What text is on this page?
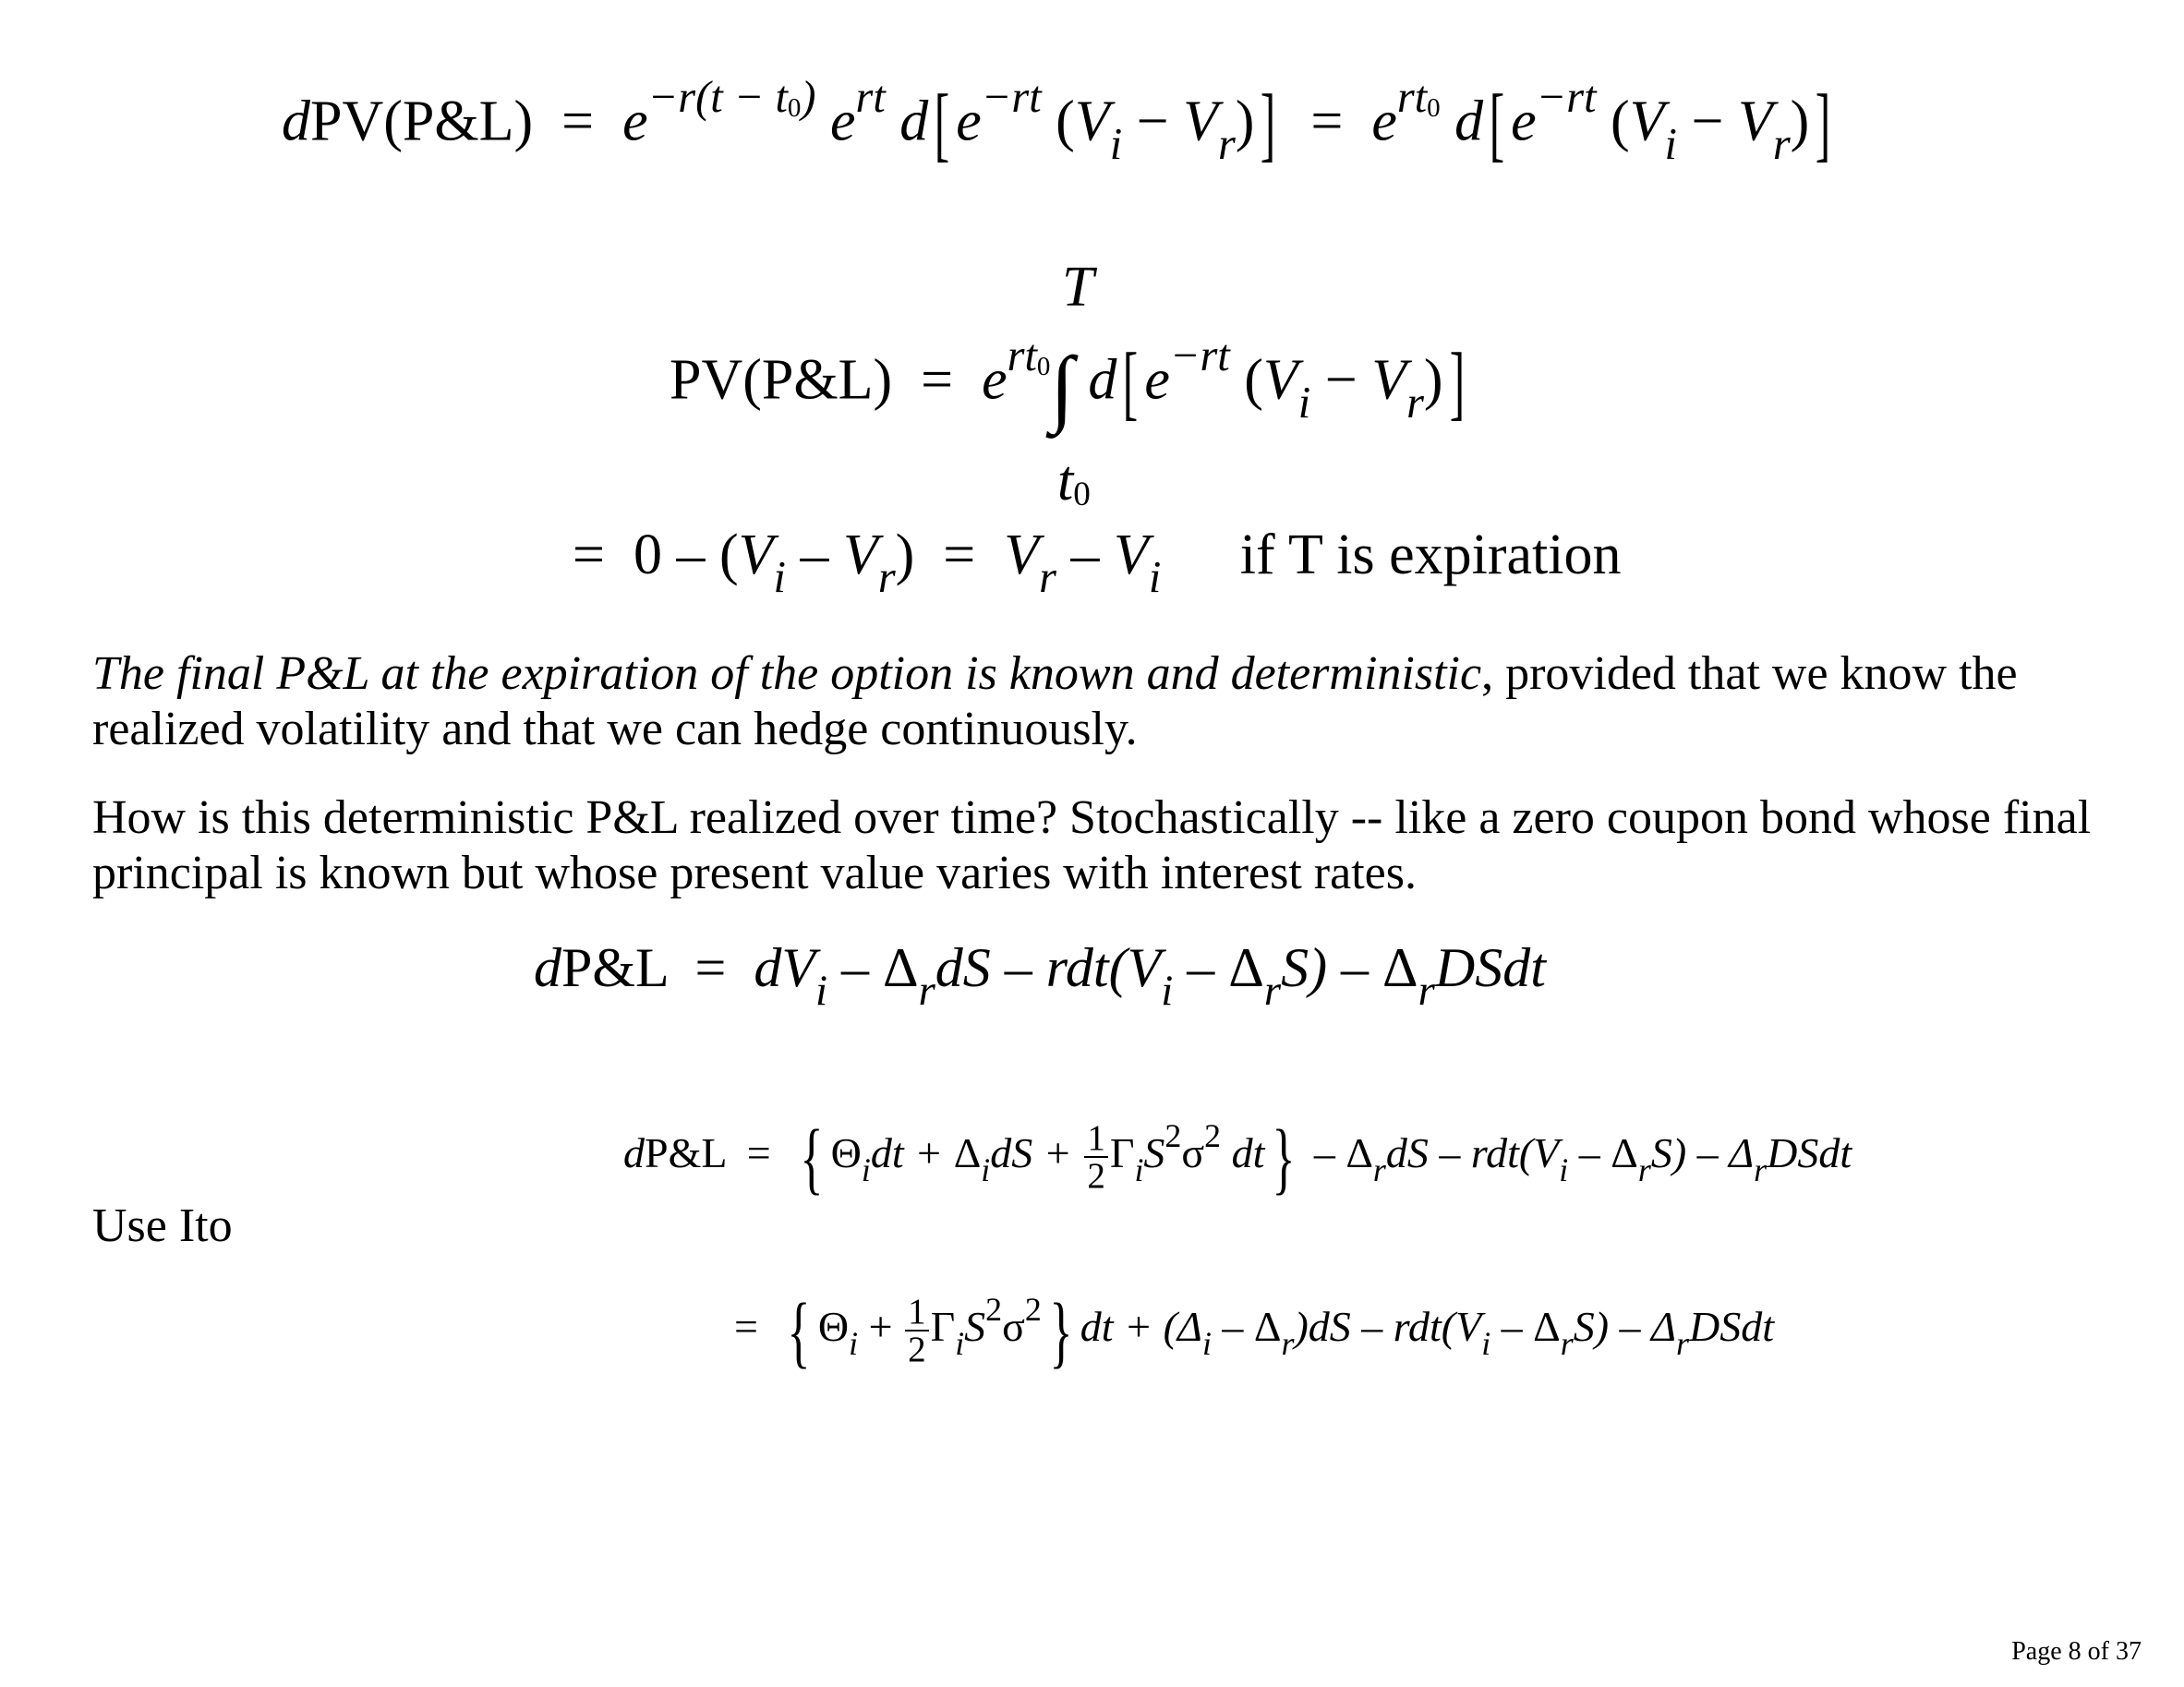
dPV(P&L) = $e^{-r(t - t0)}$ $e^{rt}$ d[ $e^{-rt}$ $(V_i - V_r)] = e^{rt0}$ d[ $e^{-rt}$ $(V_i - V_r)$]
T
PV(P&L) = $e^{rt0}\int$ d[ $e^{-rt}$ $(V_i - V_r)$]
t0
= $0 - (V_i - V_r) = V_r - V_i$ if T is expiration
The final P&L at the expiration of the option is known and deterministic, provided that we know the realized volatility and that we can hedge continuously.
How is this deterministic P&L realized over time? Stochastically -- like a zero coupon bond whose final principal is known but whose present value varies with interest rates.
dP&L = $dV_i - \Delta_rdS - rdt(V_i - \Delta_rS)$ – $\Delta_rDSdt$
Use Ito
dP&L = { $\Theta_idt + \Delta_idS + \frac{1}{2} \Gamma_iS^2\sigma^2$ $dt\} - \Delta_rdS - rdt(V_i - \Delta_rS)$ – $\Delta_rDSdt$
= { $\Theta_i + \frac{1}{2} \Gamma_iS^2\sigma^2$} dt + $(\Delta_i - \Delta_r)dS - rdt(V_i - \Delta_rS)$ – $\Delta_rDSdt$
Page 8 of 37
